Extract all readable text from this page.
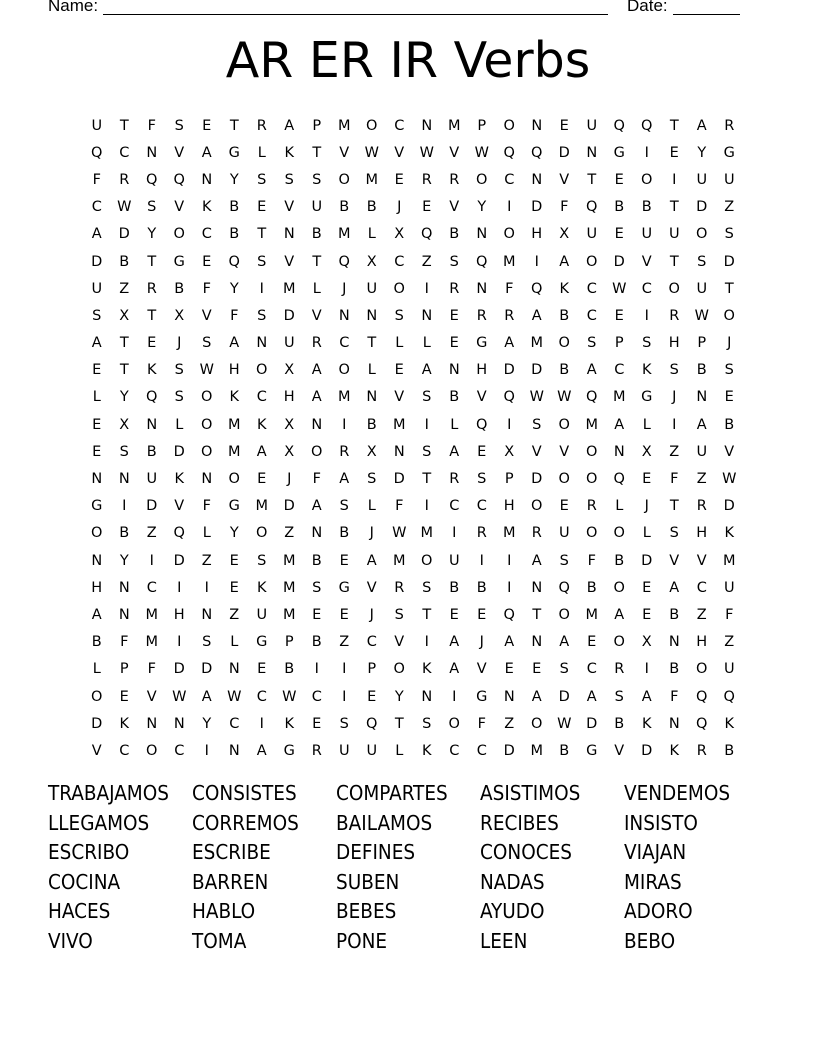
Name:	Date:
AR ER IR Verbs
U	T	F	S	E	T	R	A	P	M	O	C	N	M	P	O	N	E	U	Q	Q	T	A	R
Q	C	N	V	A	G	L	K	T	V	W	V	W	V	W	Q	Q	D	N	G	I	E	Y	G
F	R	Q	Q	N	Y	S	S	S	O	M	E	R	R	O	C	N	V	T	E	O	I	U	U
C	W	S	V	K	B	E	V	U	B	B	J	E	V	Y	I	D	F	Q	B	B	T	D	Z
A	D	Y	O	C	B	T	N	B	M	L	X	Q	B	N	O	H	X	U	E	U	U	O	S
D	B	T	G	E	Q	S	V	T	Q	X	C	Z	S	Q	M	I	A	O	D	V	T	S	D
U	Z	R	B	F	Y	I	M	L	J	U	O	I	R	N	F	Q	K	C	W	C	O	U	T
S	X	T	X	V	F	S	D	V	N	N	S	N	E	R	R	A	B	C	E	I	R	W	O
A	T	E	J	S	A	N	U	R	C	T	L	L	E	G	A	M	O	S	P	S	H	P	J
E	T	K	S	W	H	O	X	A	O	L	E	A	N	H	D	D	B	A	C	K	S	B	S
L	Y	Q	S	O	K	C	H	A	M	N	V	S	B	V	Q	W W	Q	M	G	J	N	E
E	X	N	L	O	M	K	X	N	I	B	M	I	L	Q	I	S	O	M	A	L	I	A	B
E	S	B	D	O	M	A	X	O	R	X	N	S	A	E	X	V	V	O	N	X	Z	U	V
N	N	U	K	N	O	E	J	F	A	S	D	T	R	S	P	D	O	O	Q	E	F	Z	W
G	I	D	V	F	G	M	D	A	S	L	F	I	C	C	H	O	E	R	L	J	T	R	D
O	B	Z	Q	L	Y	O	Z	N	B	J	W M	I	R	M	R	U	O	O	L	S	H	K
N	Y	I	D	Z	E	S	M	B	E	A	M	O	U	I	I	A	S	F	B	D	V	V	M
H	N	C	I	I	E	K	M	S	G	V	R	S	B	B	I	N	Q	B	O	E	A	C	U
A	N	M	H	N	Z	U	M	E	E	J	S	T	E	E	Q	T	O	M	A	E	B	Z	F
B	F	M	I	S	L	G	P	B	Z	C	V	I	A	J	A	N	A	E	O	X	N	H	Z
L	P	F	D	D	N	E	B	I	I	P	O	K	A	V	E	E	S	C	R	I	B	O	U
O	E	V	W	A	W	C	W	C	I	E	Y	N	I	G	N	A	D	A	S	A	F	Q	Q
D	K	N	N	Y	C	I	K	E	S	Q	T	S	O	F	Z	O	W	D	B	K	N	Q	K
V	C	O	C	I	N	A	G	R	U	U	L	K	C	C	D	M	B	G	V	D	K	R	B
TRABAJAMOS	CONSISTES	COMPARTES	ASISTIMOS	VENDEMOS
LLEGAMOS	CORREMOS	BAILAMOS	RECIBES	INSISTO
ESCRIBO	ESCRIBE	DEFINES	CONOCES	VIAJAN
COCINA	BARREN	SUBEN	NADAS	MIRAS
HACES	HABLO	BEBES	AYUDO	ADORO
VIVO	TOMA	PONE	LEEN	BEBO
